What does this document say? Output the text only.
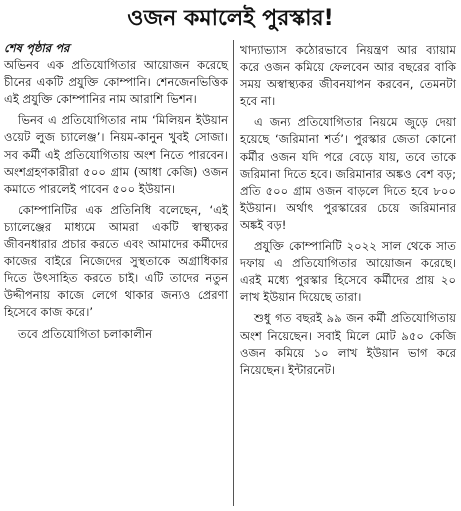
ওজন কমালেই পুরস্কার!
শেষ পৃষ্ঠার পর

অভিনব এক প্রতিযোগিতার আয়োজন করেছে চীনের একটি প্রযুক্তি কোম্পানি। শেনজেনভিত্তিক এই প্রযুক্তি কোম্পানির নাম আরাশি ভিশন।

ভিনব এ প্রতিযোগিতার নাম ‘মিলিয়ন ইউয়ান ওয়েট লুজ চ্যালেঞ্জ’। নিয়ম-কানুন খুবই সোজা। সব কর্মী এই প্রতিযোগিতায় অংশ নিতে পারবেন। অংশগ্রহণকারীরা ৫০০ গ্রাম (আধা কেজি) ওজন কমাতে পারলেই পাবেন ৫০০ ইউয়ান।

কোম্পানিটির এক প্রতিনিধি বলেছেন, ‘এই চ্যালেঞ্জের মাধ্যমে আমরা একটি স্বাস্থ্যকর জীবনধারার প্রচার করতে এবং আমাদের কর্মীদের কাজের বাইরে নিজেদের সুস্থতাকে অগ্রাধিকার দিতে উৎসাহিত করতে চাই। এটি তাদের নতুন উদ্দীপনায় কাজে লেগে থাকার জন্যও প্রেরণা হিসেবে কাজ করে।’

তবে প্রতিযোগিতা চলাকালীন

খাদ্যাভ্যাস কঠোরভাবে নিয়ন্ত্রণ আর ব্যায়াম করে ওজন কমিয়ে ফেলবেন আর বছরের বাকি সময় অস্বাস্থ্যকর জীবনযাপন করবেন, তেমনটা হবে না।

এ জন্য প্রতিযোগিতার নিয়মে জুড়ে দেয়া হয়েছে ‘জরিমানা শর্ত’। পুরস্কার জেতা কোনো কর্মীর ওজন যদি পরে বেড়ে যায়, তবে তাকে জরিমানা দিতে হবে। জরিমানার অঙ্কও বেশ বড়; প্রতি ৫০০ গ্রাম ওজন বাড়লে দিতে হবে ৮০০ ইউয়ান। অর্থাৎ পুরস্কারের চেয়ে জরিমানার অঙ্কই বড়!

প্রযুক্তি কোম্পানিটি ২০২২ সাল থেকে সাত দফায় এ প্রতিযোগিতার আয়োজন করেছে। এরই মধ্যে পুরস্কার হিসেবে কর্মীদের প্রায় ২০ লাখ ইউয়ান দিয়েছে তারা।

শুধু গত বছরই ৯৯ জন কর্মী প্রতিযোগিতায় অংশ নিয়েছেন। সবাই মিলে মোট ৯৫০ কেজি ওজন কমিয়ে ১০ লাখ ইউয়ান ভাগ করে নিয়েছেন। ইন্টারনেট।
